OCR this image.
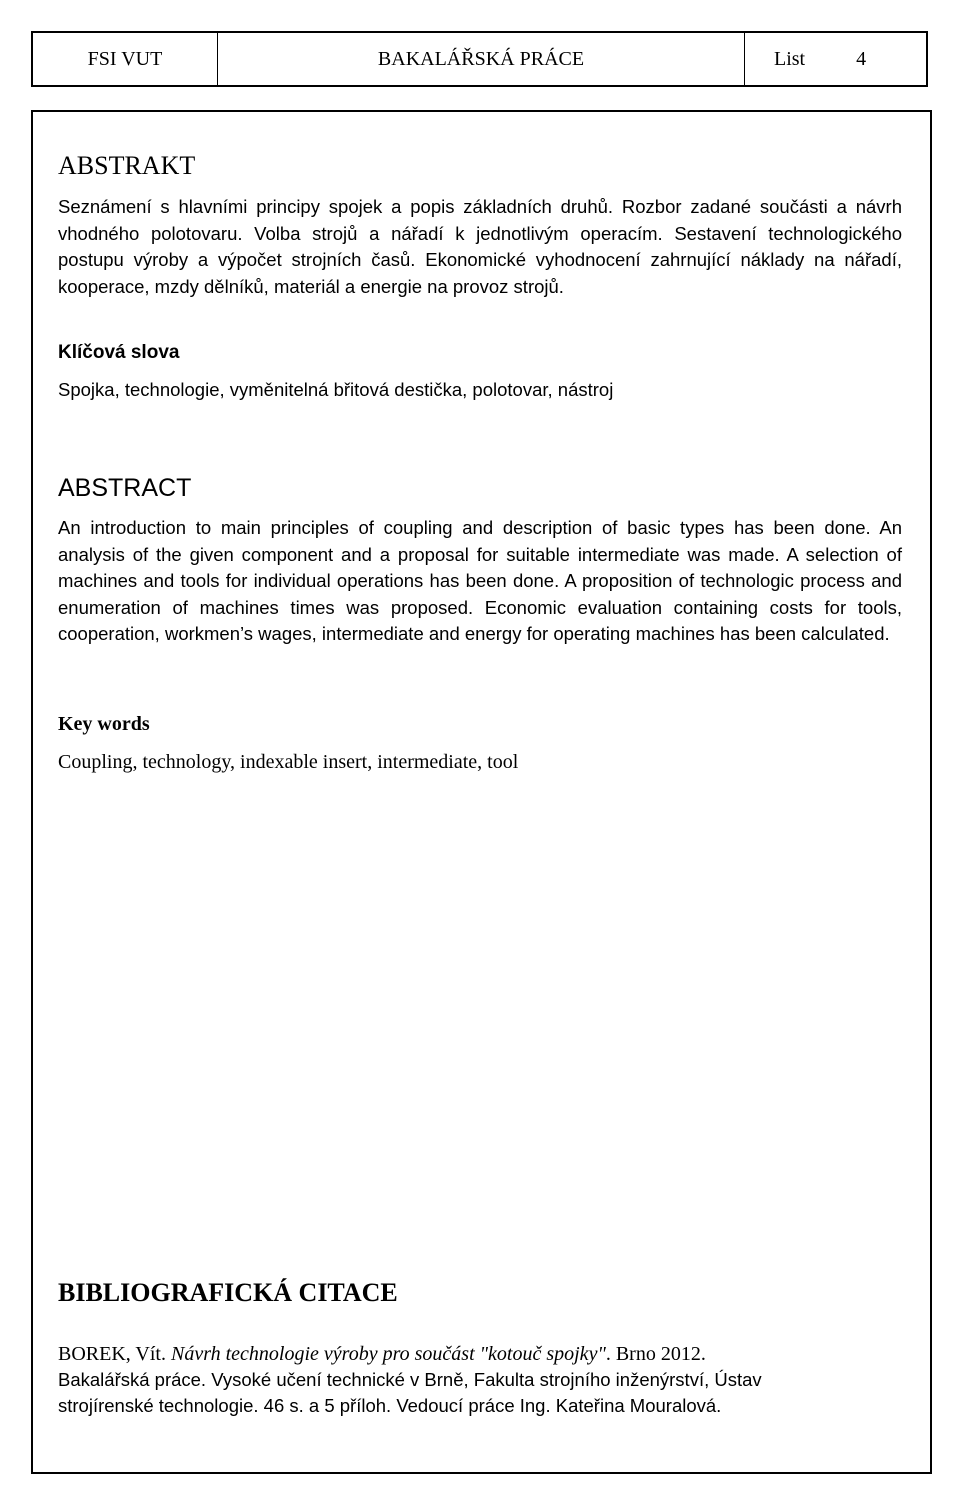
FSI VUT	BAKALÁŘSKÁ PRÁCE	List	4
ABSTRAKT

Seznámení s hlavními principy spojek a popis základních druhů. Rozbor zadané součásti a návrh vhodného polotovaru. Volba strojů a nářadí k jednotlivým operacím. Sestavení technologického postupu výroby a výpočet strojních časů. Ekonomické vyhodnocení zahrnující náklady na nářadí, kooperace, mzdy dělníků, materiál a energie na provoz strojů.

Klíčová slova

Spojka, technologie, vyměnitelná břitová destička, polotovar, nástroj

ABSTRACT

An introduction to main principles of coupling and description of basic types has been done. An analysis of the given component and a proposal for suitable intermediate was made. A selection of machines and tools for individual operations has been done. A proposition of technologic process and enumeration of machines times was proposed. Economic evaluation containing costs for tools, cooperation, workmen’s wages, intermediate and energy for operating machines has been calculated.

Key words

Coupling, technology, indexable insert, intermediate, tool

BIBLIOGRAFICKÁ CITACE
BOREK, Vít. Návrh technologie výroby pro součást "kotouč spojky". Brno 2012.
Bakalářská práce. Vysoké učení technické v Brně, Fakulta strojního inženýrství, Ústav
strojírenské technologie. 46 s. a 5 příloh. Vedoucí práce Ing. Kateřina Mouralová.
